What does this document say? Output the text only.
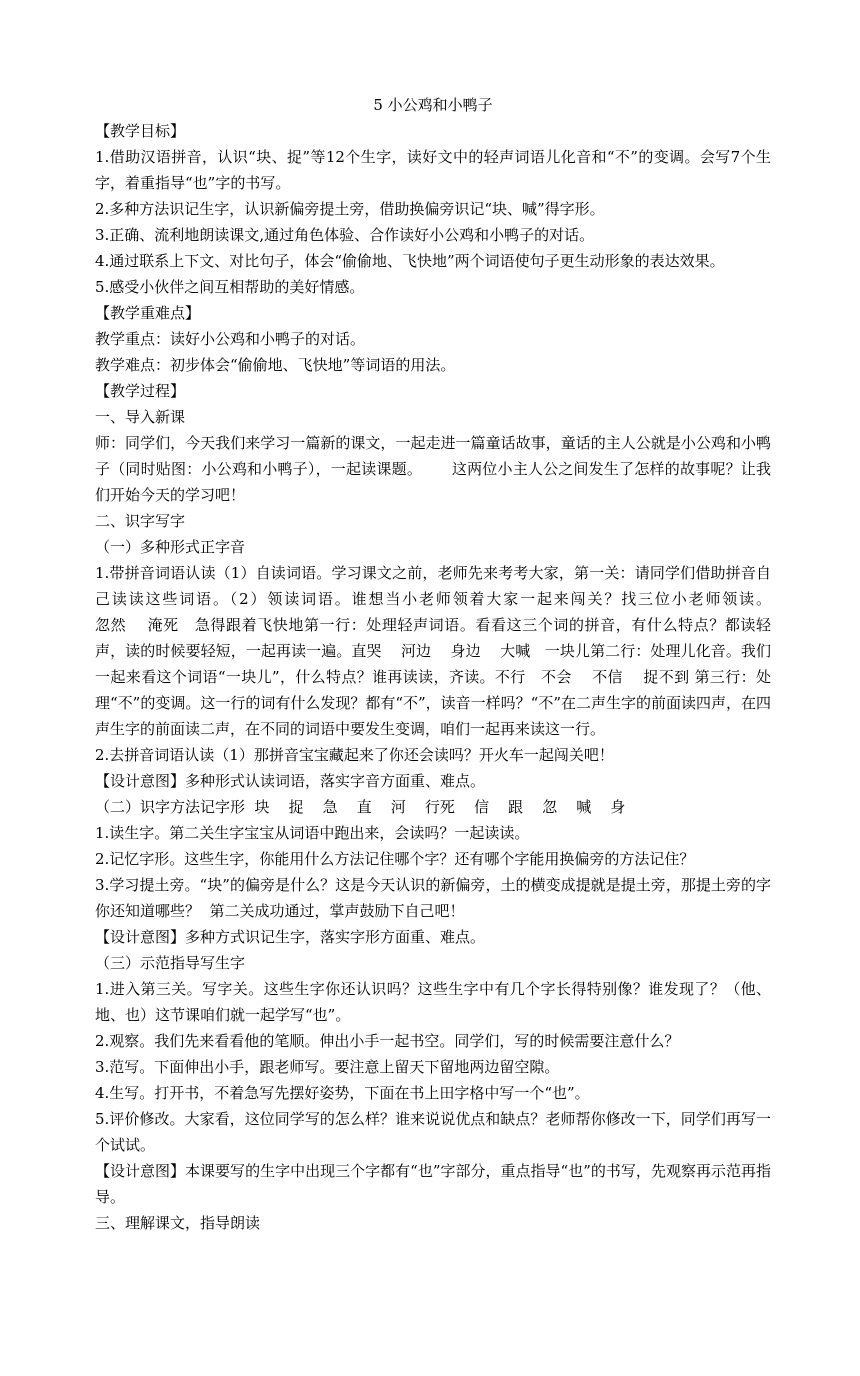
5 小公鸡和小鸭子

【教学目标】

1.借助汉语拼音，认识“块、捉”等12个生字，读好文中的轻声词语儿化音和“不”的变调。会写7个生字，着重指导“也”字的书写。

2.多种方法识记生字，认识新偏旁提土旁，借助换偏旁识记“块、喊”得字形。

3.正确、流利地朗读课文,通过角色体验、合作读好小公鸡和小鸭子的对话。

4.通过联系上下文、对比句子，体会“偷偷地、飞快地”两个词语使句子更生动形象的表达效果。

5.感受小伙伴之间互相帮助的美好情感。

【教学重难点】

教学重点：读好小公鸡和小鸭子的对话。

教学难点：初步体会“偷偷地、飞快地”等词语的用法。

【教学过程】

一、导入新课

师：同学们，今天我们来学习一篇新的课文，一起走进一篇童话故事，童话的主人公就是小公鸡和小鸭子（同时贴图：小公鸡和小鸭子），一起读课题。      这两位小主人公之间发生了怎样的故事呢？让我们开始今天的学习吧！

二、识字写字

（一）多种形式正字音

1.带拼音词语认读（1）自读词语。学习课文之前，老师先来考考大家，第一关：请同学们借助拼音自己读读这些词语。（2）领读词语。谁想当小老师领着大家一起来闯关？找三位小老师领读。                  忽然    淹死   急得跟着飞快地第一行：处理轻声词语。看看这三个词的拼音，有什么特点？都读轻声，读的时候要轻短，一起再读一遍。直哭    河边    身边    大喊   一块儿第二行：处理儿化音。我们一起来看这个词语“一块儿”，什么特点？谁再读读，齐读。不行   不会    不信    捉不到 第三行：处理“不”的变调。这一行的词有什么发现？都有“不”，读音一样吗？“不”在二声生字的前面读四声，在四声生字的前面读二声，在不同的词语中要发生变调，咱们一起再来读这一行。

2.去拼音词语认读（1）那拼音宝宝藏起来了你还会读吗？开火车一起闯关吧！

【设计意图】多种形式认读词语，落实字音方面重、难点。

（二）识字方法记字形  块    捉    急    直    河    行死    信    跟    忽    喊    身

1.读生字。第二关生字宝宝从词语中跑出来，会读吗？一起读读。

2.记忆字形。这些生字，你能用什么方法记住哪个字？还有哪个字能用换偏旁的方法记住？

3.学习提土旁。“块”的偏旁是什么？这是今天认识的新偏旁，土的横变成提就是提土旁，那提土旁的字你还知道哪些？  第二关成功通过，掌声鼓励下自己吧！

【设计意图】多种方式识记生字，落实字形方面重、难点。

（三）示范指导写生字

1.进入第三关。写字关。这些生字你还认识吗？这些生字中有几个字长得特别像？谁发现了？（他、地、也）这节课咱们就一起学写“也”。

2.观察。我们先来看看他的笔顺。伸出小手一起书空。同学们，写的时候需要注意什么？

3.范写。下面伸出小手，跟老师写。要注意上留天下留地两边留空隙。

4.生写。打开书，不着急写先摆好姿势，下面在书上田字格中写一个“也”。

5.评价修改。大家看，这位同学写的怎么样？谁来说说优点和缺点？老师帮你修改一下，同学们再写一个试试。

【设计意图】本课要写的生字中出现三个字都有“也”字部分，重点指导“也”的书写，先观察再示范再指导。

三、理解课文，指导朗读
